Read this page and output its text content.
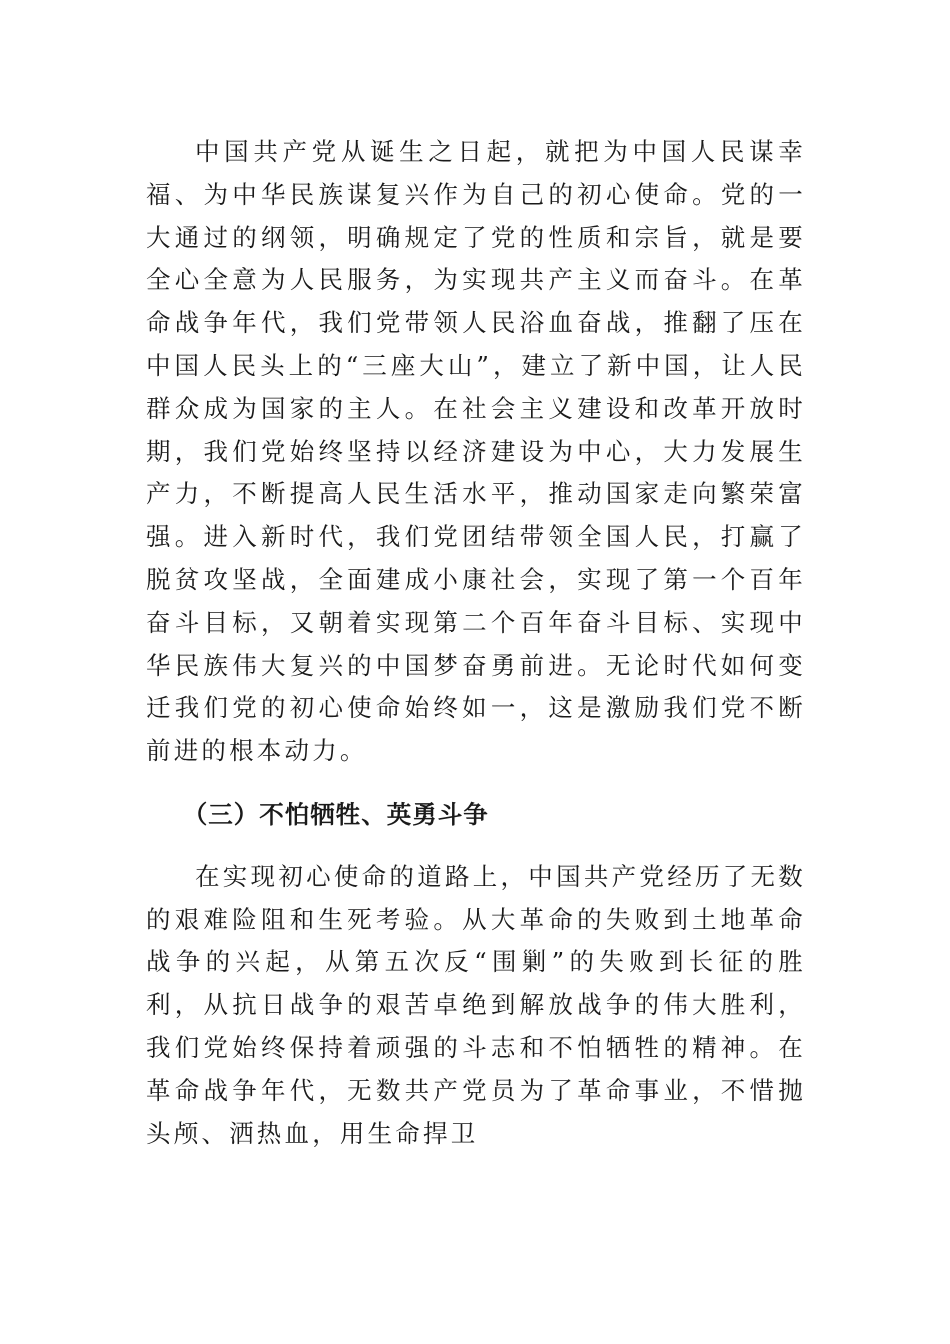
中国共产党从诞生之日起，就把为中国人民谋幸福、为中华民族谋复兴作为自己的初心使命。党的一大通过的纲领，明确规定了党的性质和宗旨，就是要全心全意为人民服务，为实现共产主义而奋斗。在革命战争年代，我们党带领人民浴血奋战，推翻了压在中国人民头上的“三座大山”，建立了新中国，让人民群众成为国家的主人。在社会主义建设和改革开放时期，我们党始终坚持以经济建设为中心，大力发展生产力，不断提高人民生活水平，推动国家走向繁荣富强。进入新时代，我们党团结带领全国人民，打赢了脱贫攻坚战，全面建成小康社会，实现了第一个百年奋斗目标，又朝着实现第二个百年奋斗目标、实现中华民族伟大复兴的中国梦奋勇前进。无论时代如何变迁我们党的初心使命始终如一，这是激励我们党不断前进的根本动力。

（三）不怕牺牲、英勇斗争

在实现初心使命的道路上，中国共产党经历了无数的艰难险阻和生死考验。从大革命的失败到土地革命战争的兴起，从第五次反“围剿”的失败到长征的胜利，从抗日战争的艰苦卓绝到解放战争的伟大胜利，我们党始终保持着顽强的斗志和不怕牺牲的精神。在革命战争年代，无数共产党员为了革命事业，不惜抛头颅、洒热血，用生命捍卫
